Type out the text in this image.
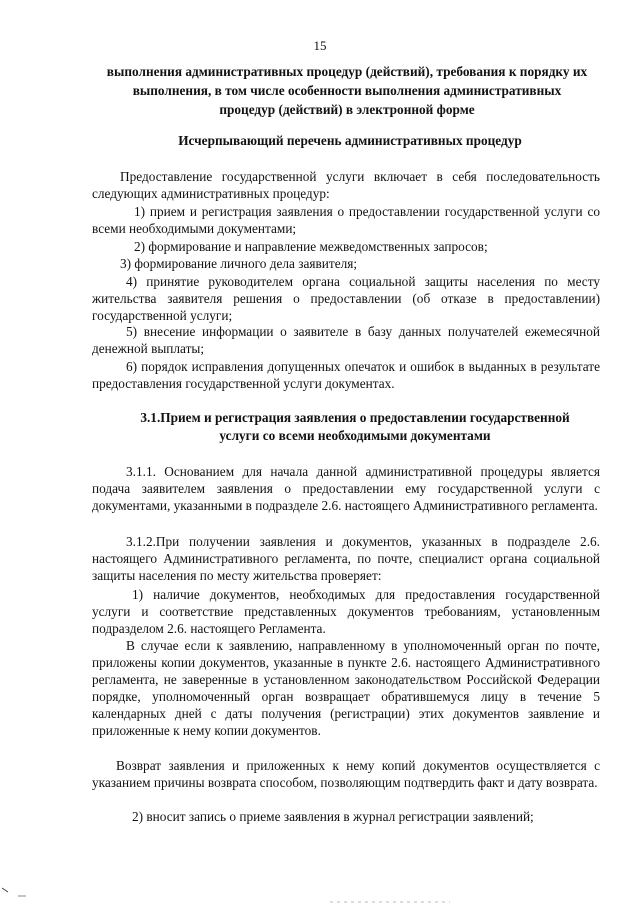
15
выполнения административных процедур (действий), требования к порядку их выполнения, в том числе особенности выполнения административных процедур (действий) в электронной форме
Исчерпывающий перечень административных процедур

Предоставление государственной услуги включает в себя последовательность следующих административных процедур:

1) прием и регистрация заявления о предоставлении государственной услуги со всеми необходимыми документами;

2) формирование и направление межведомственных запросов;

3) формирование личного дела заявителя;

4) принятие руководителем органа социальной защиты населения по месту жительства заявителя решения о предоставлении (об отказе в предоставлении) государственной услуги;

5) внесение информации о заявителе в базу данных получателей ежемесячной денежной выплаты;

6) порядок исправления допущенных опечаток и ошибок в выданных в результате предоставления государственной услуги документах.

3.1.Прием и регистрация заявления о предоставлении государственной услуги со всеми необходимыми документами

3.1.1. Основанием для начала данной административной процедуры является подача заявителем заявления о предоставлении ему государственной услуги с документами, указанными в подразделе 2.6. настоящего Административного регламента.

3.1.2.При получении заявления и документов, указанных в подразделе 2.6. настоящего Административного регламента, по почте, специалист органа социальной защиты населения по месту жительства проверяет:

1) наличие документов, необходимых для предоставления государственной услуги и соответствие представленных документов требованиям, установленным подразделом 2.6. настоящего Регламента.

В случае если к заявлению, направленному в уполномоченный орган по почте, приложены копии документов, указанные в пункте 2.6. настоящего Административного регламента, не заверенные в установленном законодательством Российской Федерации порядке, уполномоченный орган возвращает обратившемуся лицу в течение 5 календарных дней с даты получения (регистрации) этих документов заявление и приложенные к нему копии документов.

Возврат заявления и приложенных к нему копий документов осуществляется с указанием причины возврата способом, позволяющим подтвердить факт и дату возврата.

2) вносит запись о приеме заявления в журнал регистрации заявлений;
